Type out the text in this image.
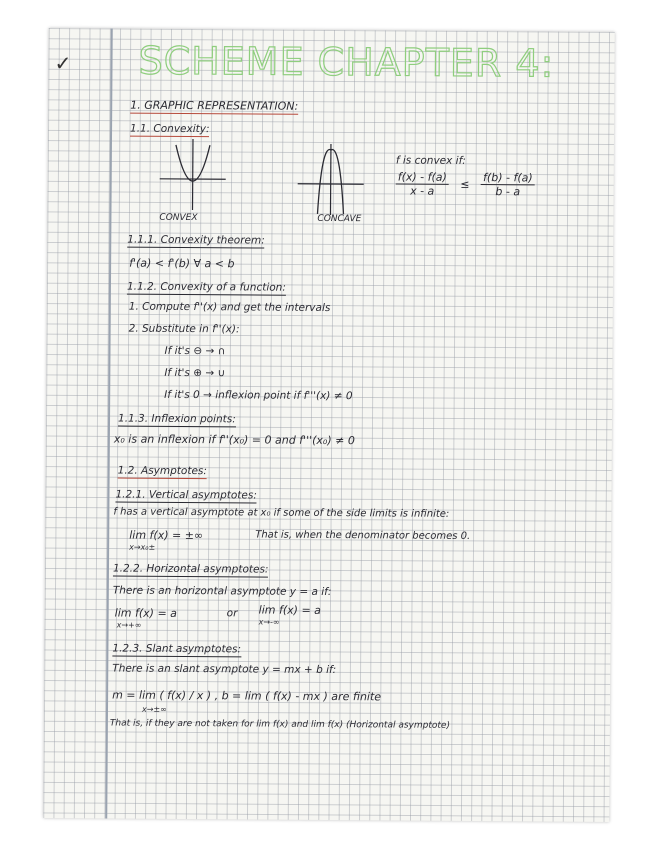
✓ SCHEME CHAPTER 4:
1. GRAPHIC REPRESENTATION:
1.1. Convexity:
CONVEX	CONCAVE
f is convex if:
$\frac{f(x) - f(a)}{x - a} \le \frac{f(b) - f(a)}{b - a}$
1.1.1. Convexity theorem:
f'(a) < f'(b) ∀ a < b
1.1.2. Convexity of a function:
1. Compute f''(x) and get the intervals
2. Substitute in f''(x):
If it's ⊖ → ∩
If it's ⊕ → ∪
If it's 0 → inflexion point if f'''(x) ≠ 0
1.1.3. Inflexion points:
x₀ is an inflexion if f''(x₀) = 0 and f'''(x₀) ≠ 0
1.2. Asymptotes:
1.2.1. Vertical asymptotes:
f has a vertical asymptote at x₀ if some of the side limits is infinite:
lim f(x) = ±∞
x→x₀±
That is, when the denominator becomes 0.
1.2.2. Horizontal asymptotes:
There is an horizontal asymptote y = a if:
lim f(x) = a
x→+∞
or lim f(x) = a
x→-∞
1.2.3. Slant asymptotes:
There is an slant asymptote y = mx + b if:
m = lim ( f(x) / x ) , b = lim ( f(x) - mx ) are finite
x→±∞
That is, if they are not taken for lim f(x) and lim f(x) (Horizontal asymptote)
